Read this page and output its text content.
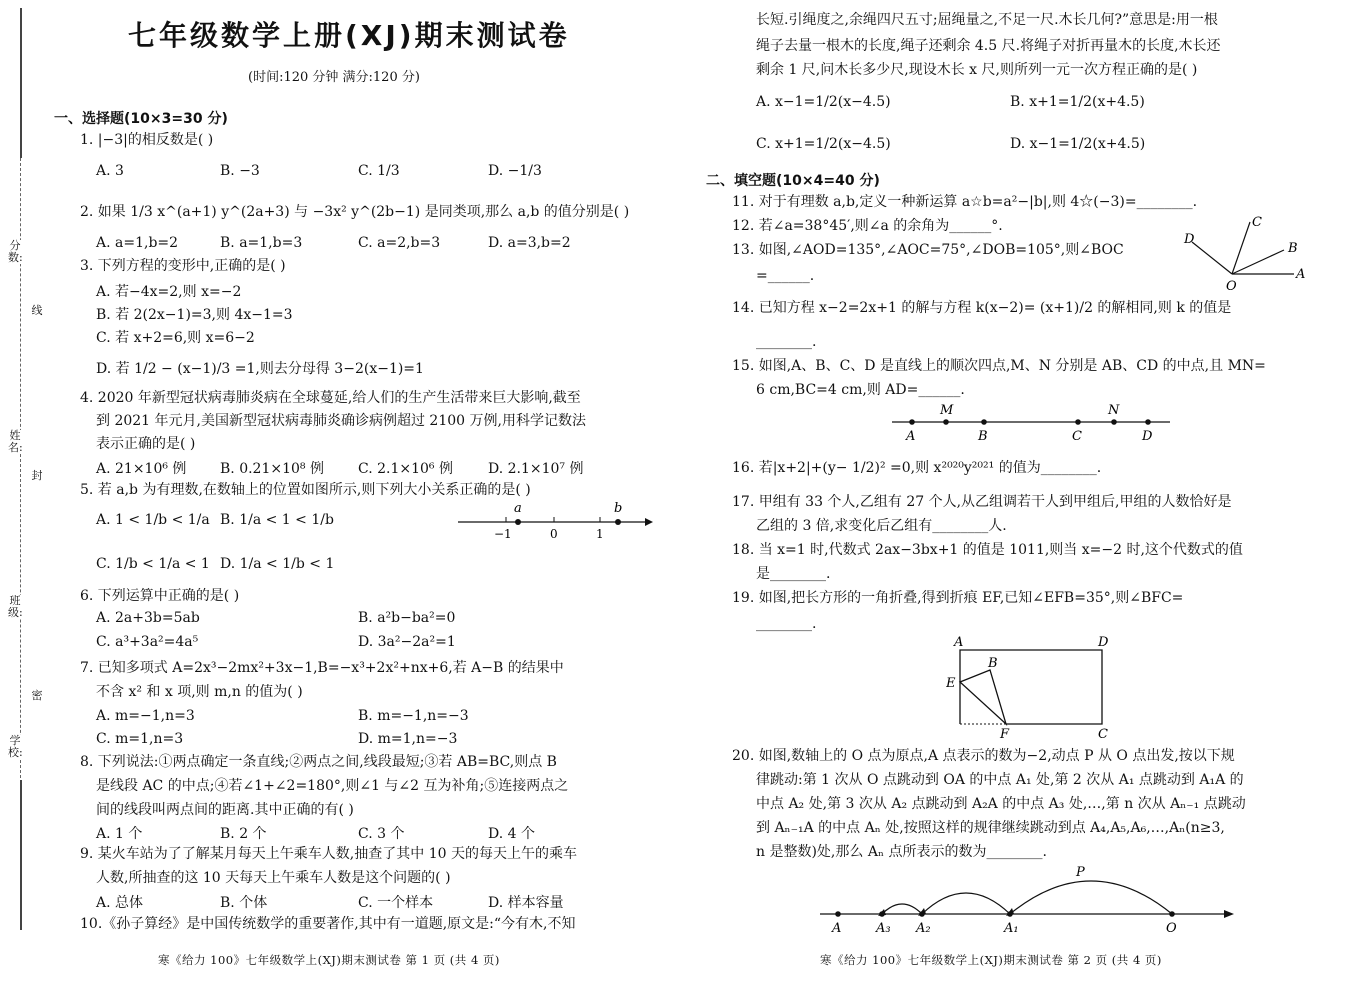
分数:
线
姓名:
封
班级:
密
学校:
七年级数学上册(XJ)期末测试卷
(时间:120 分钟 满分:120 分)
一、选择题(10×3=30 分)
1. |−3|的相反数是( )
A. 3	B. −3	C. 1/3	D. −1/3
2. 如果 1/3 x^(a+1) y^(2a+3) 与 −3x² y^(2b−1) 是同类项,那么 a,b 的值分别是( )
A. a=1,b=2	B. a=1,b=3	C. a=2,b=3	D. a=3,b=2
3. 下列方程的变形中,正确的是( )
A. 若−4x=2,则 x=−2
B. 若 2(2x−1)=3,则 4x−1=3
C. 若 x+2=6,则 x=6−2
D. 若 1/2 − (x−1)/3 =1,则去分母得 3−2(x−1)=1
4. 2020 年新型冠状病毒肺炎病在全球蔓延,给人们的生产生活带来巨大影响,截至
到 2021 年元月,美国新型冠状病毒肺炎确诊病例超过 2100 万例,用科学记数法
表示正确的是( )
A. 21×10⁶ 例 B. 0.21×10⁸ 例 C. 2.1×10⁶ 例	D. 2.1×10⁷ 例
5. 若 a,b 为有理数,在数轴上的位置如图所示,则下列大小关系正确的是( )
A. 1 < 1/b < 1/a B. 1/a < 1 < 1/b
C. 1/b < 1/a < 1 D. 1/a < 1/b < 1
a	b
−1	0	1
6. 下列运算中正确的是( )
A. 2a+3b=5ab	B. a²b−ba²=0
C. a³+3a²=4a⁵	D. 3a²−2a²=1
7. 已知多项式 A=2x³−2mx²+3x−1,B=−x³+2x²+nx+6,若 A−B 的结果中
不含 x² 和 x 项,则 m,n 的值为( )
A. m=−1,n=3	B. m=−1,n=−3
C. m=1,n=3	D. m=1,n=−3
8. 下列说法:①两点确定一条直线;②两点之间,线段最短;③若 AB=BC,则点 B
是线段 AC 的中点;④若∠1+∠2=180°,则∠1 与∠2 互为补角;⑤连接两点之
间的线段叫两点间的距离.其中正确的有( )
A. 1 个	B. 2 个	C. 3 个	D. 4 个
9. 某火车站为了了解某月每天上午乘车人数,抽查了其中 10 天的每天上午的乘车
人数,所抽查的这 10 天每天上午乘车人数是这个问题的( )
A. 总体	B. 个体	C. 一个样本	D. 样本容量
10.《孙子算经》是中国传统数学的重要著作,其中有一道题,原文是:“今有木,不知
寒《给力 100》七年级数学上(XJ)期末测试卷 第 1 页 (共 4 页)
长短.引绳度之,余绳四尺五寸;屈绳量之,不足一尺.木长几何?”意思是:用一根
绳子去量一根木的长度,绳子还剩余 4.5 尺.将绳子对折再量木的长度,木长还
剩余 1 尺,问木长多少尺,现设木长 x 尺,则所列一元一次方程正确的是( )
A. x−1=1/2(x−4.5)	B. x+1=1/2(x+4.5)
C. x+1=1/2(x−4.5)	D. x−1=1/2(x+4.5)
二、填空题(10×4=40 分)
11. 对于有理数 a,b,定义一种新运算 a☆b=a²−|b|,则 4☆(−3)=________.
12. 若∠a=38°45′,则∠a 的余角为______°.
13. 如图,∠AOD=135°,∠AOC=75°,∠DOB=105°,则∠BOC
=______.
D
C
B
A
O
14. 已知方程 x−2=2x+1 的解与方程 k(x−2)= (x+1)/2 的解相同,则 k 的值是
________.
15. 如图,A、B、C、D 是直线上的顺次四点,M、N 分别是 AB、CD 的中点,且 MN=
6 cm,BC=4 cm,则 AD=______.
M	N
A	B	C	D
16. 若|x+2|+(y− 1/2)² =0,则 x²⁰²⁰y²⁰²¹ 的值为________.
17. 甲组有 33 个人,乙组有 27 个人,从乙组调若干人到甲组后,甲组的人数恰好是
乙组的 3 倍,求变化后乙组有________人.
18. 当 x=1 时,代数式 2ax−3bx+1 的值是 1011,则当 x=−2 时,这个代数式的值
是________.
19. 如图,把长方形的一角折叠,得到折痕 EF,已知∠EFB=35°,则∠BFC=
________.
A	D
B
E
F	C
20. 如图,数轴上的 O 点为原点,A 点表示的数为−2,动点 P 从 O 点出发,按以下规
律跳动:第 1 次从 O 点跳动到 OA 的中点 A₁ 处,第 2 次从 A₁ 点跳动到 A₁A 的
中点 A₂ 处,第 3 次从 A₂ 点跳动到 A₂A 的中点 A₃ 处,…,第 n 次从 Aₙ₋₁ 点跳动
到 Aₙ₋₁A 的中点 Aₙ 处,按照这样的规律继续跳动到点 A₄,A₅,A₆,…,Aₙ(n≥3,
n 是整数)处,那么 Aₙ 点所表示的数为________.
P
A	A₃ A₂	A₁	O
寒《给力 100》七年级数学上(XJ)期末测试卷 第 2 页 (共 4 页)
